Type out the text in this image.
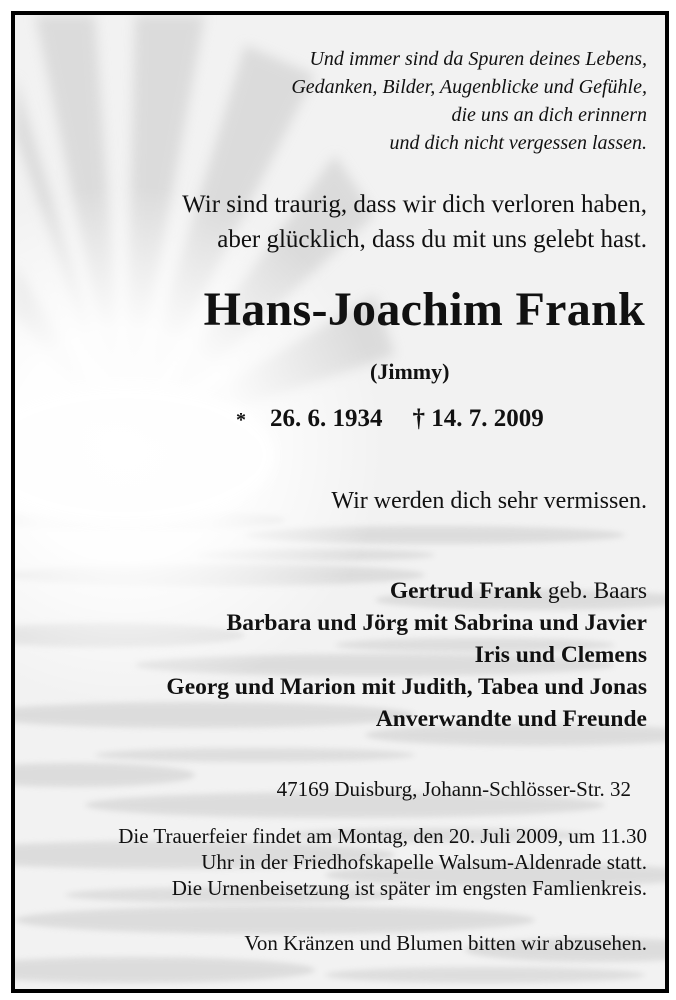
Und immer sind da Spuren deines Lebens,
Gedanken, Bilder, Augenblicke und Gefühle,
die uns an dich erinnern
und dich nicht vergessen lassen.
Wir sind traurig, dass wir dich verloren haben,
aber glücklich, dass du mit uns gelebt hast.
Hans-Joachim Frank
(Jimmy)
* 26. 6. 1934 † 14. 7. 2009
Wir werden dich sehr vermissen.
Gertrud Frank geb. Baars
Barbara und Jörg mit Sabrina und Javier
Iris und Clemens
Georg und Marion mit Judith, Tabea und Jonas
Anverwandte und Freunde
47169 Duisburg, Johann-Schlösser-Str. 32
Die Trauerfeier findet am Montag, den 20. Juli 2009, um 11.30
Uhr in der Friedhofskapelle Walsum-Aldenrade statt.
Die Urnenbeisetzung ist später im engsten Famlienkreis.
Von Kränzen und Blumen bitten wir abzusehen.
